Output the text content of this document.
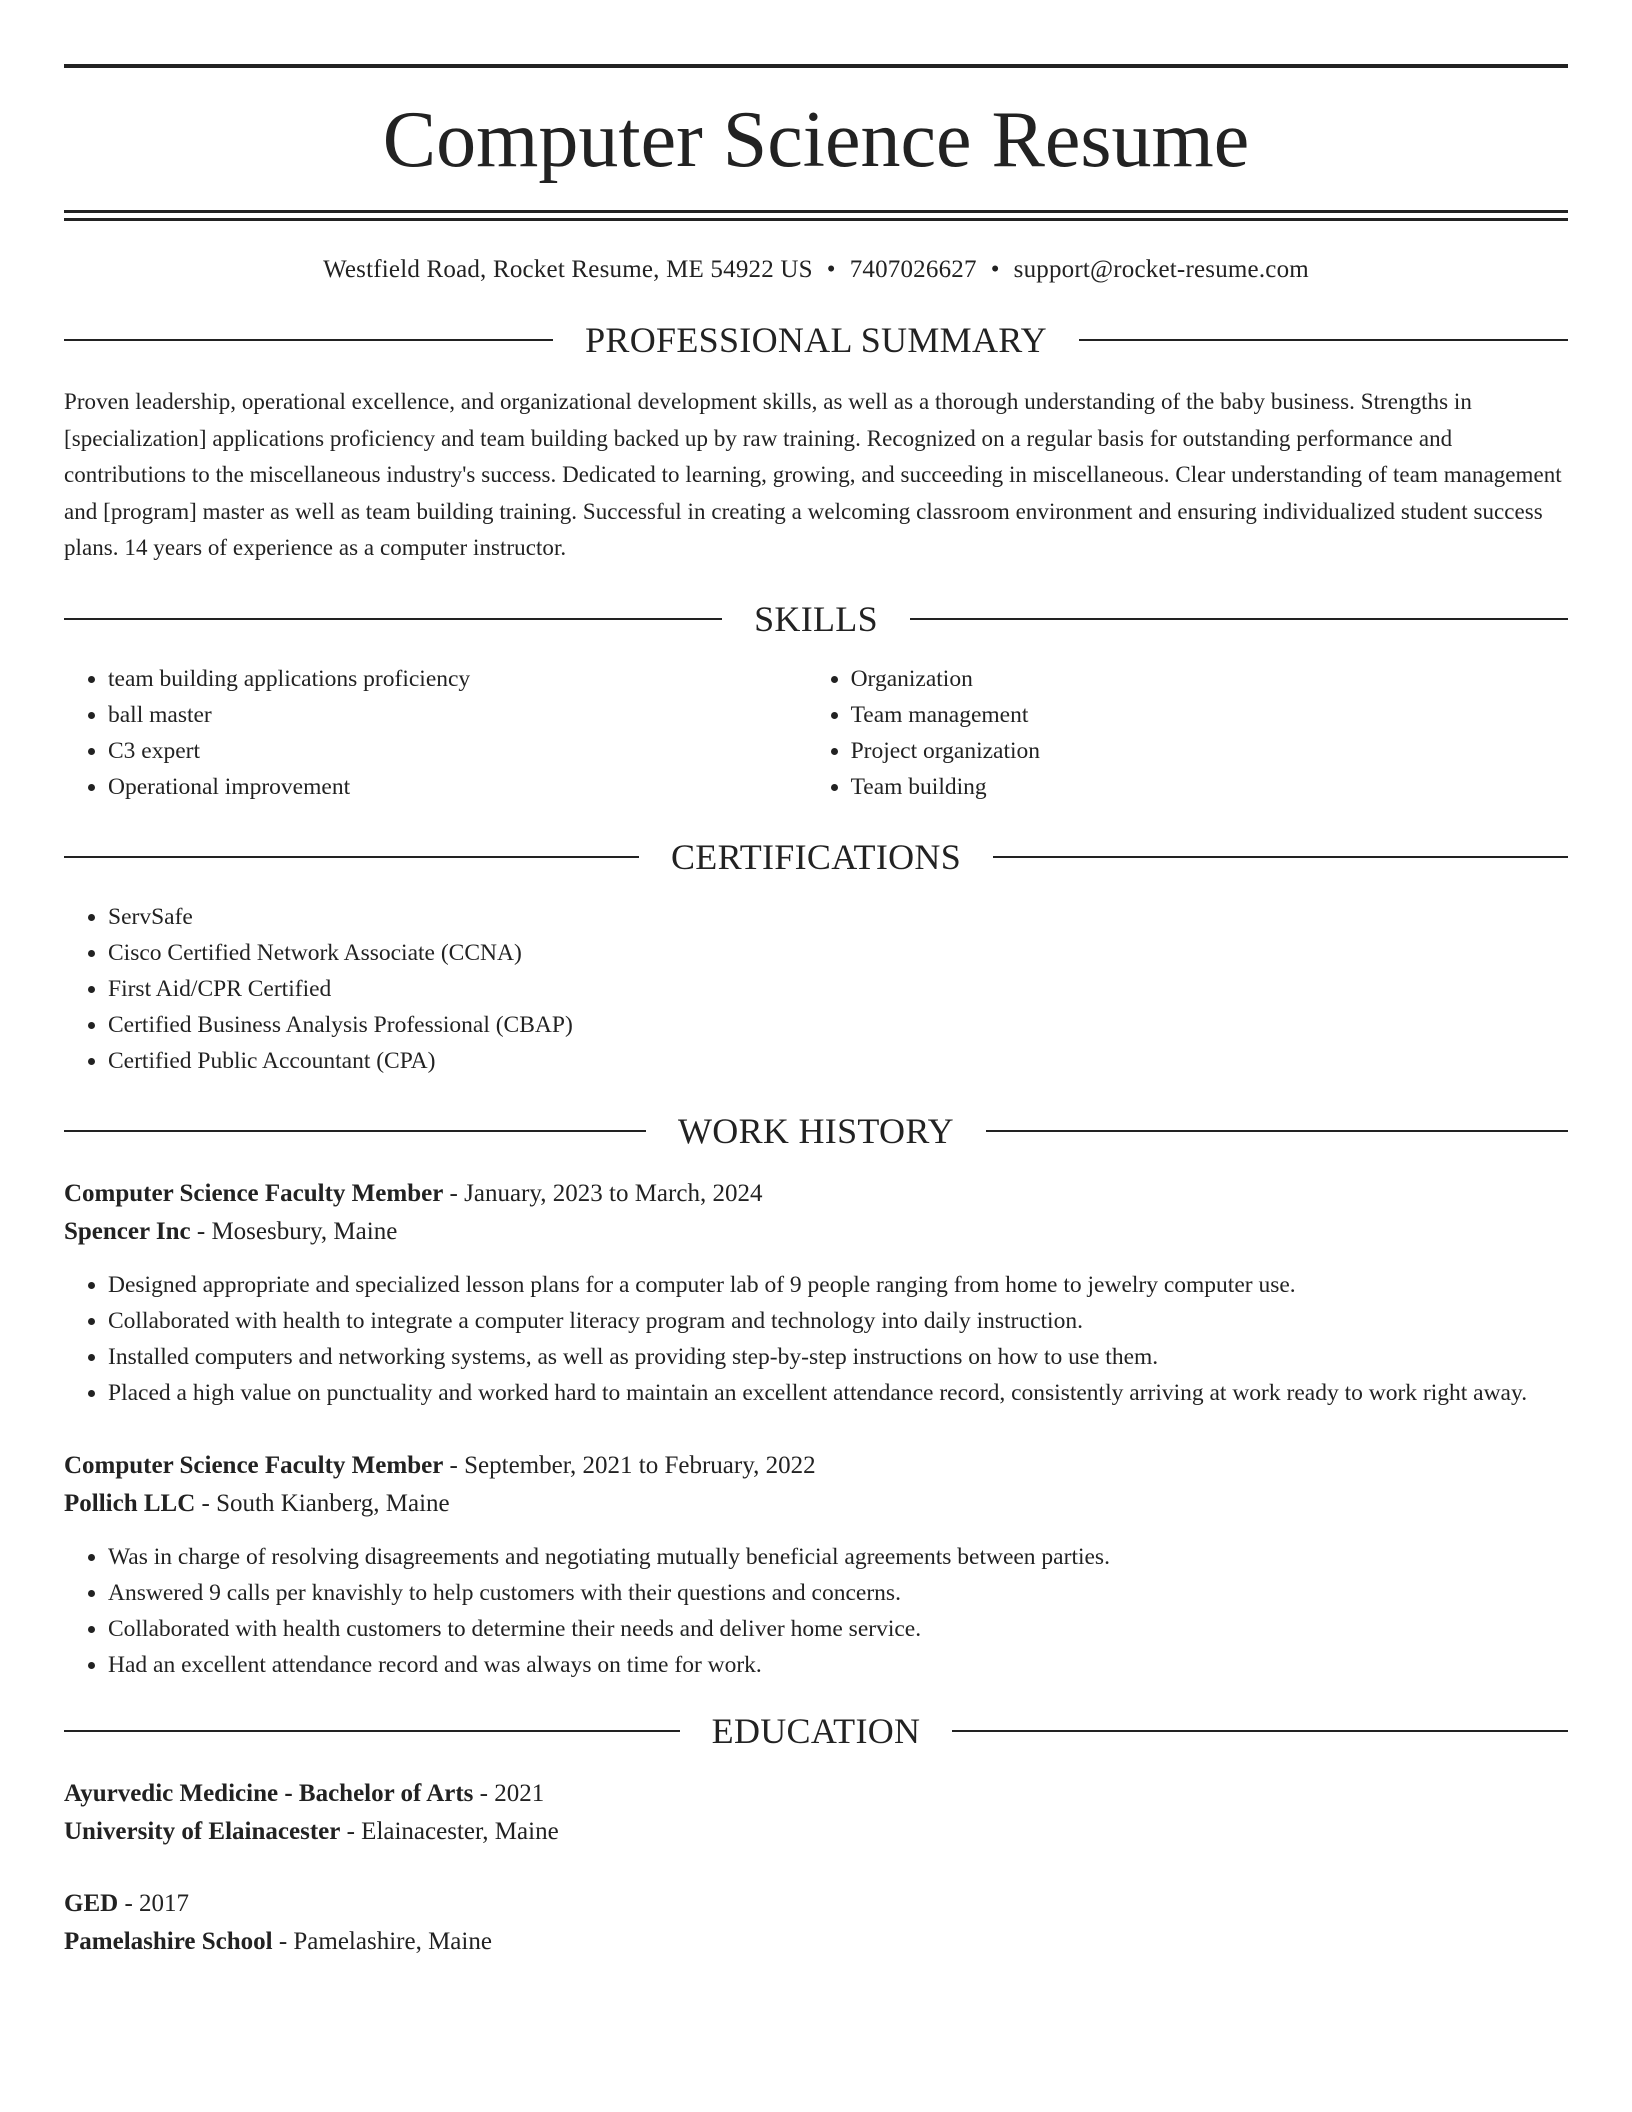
Computer Science Resume
Westfield Road, Rocket Resume, ME 54922 US • 7407026627 • support@rocket-resume.com
PROFESSIONAL SUMMARY
Proven leadership, operational excellence, and organizational development skills, as well as a thorough understanding of the baby business. Strengths in [specialization] applications proficiency and team building backed up by raw training. Recognized on a regular basis for outstanding performance and contributions to the miscellaneous industry's success. Dedicated to learning, growing, and succeeding in miscellaneous. Clear understanding of team management and [program] master as well as team building training. Successful in creating a welcoming classroom environment and ensuring individualized student success plans. 14 years of experience as a computer instructor.
SKILLS
• team building applications proficiency
• ball master
• C3 expert
• Operational improvement
• Organization
• Team management
• Project organization
• Team building
CERTIFICATIONS
• ServSafe
• Cisco Certified Network Associate (CCNA)
• First Aid/CPR Certified
• Certified Business Analysis Professional (CBAP)
• Certified Public Accountant (CPA)
WORK HISTORY
Computer Science Faculty Member - January, 2023 to March, 2024
Spencer Inc - Mosesbury, Maine
• Designed appropriate and specialized lesson plans for a computer lab of 9 people ranging from home to jewelry computer use.
• Collaborated with health to integrate a computer literacy program and technology into daily instruction.
• Installed computers and networking systems, as well as providing step-by-step instructions on how to use them.
• Placed a high value on punctuality and worked hard to maintain an excellent attendance record, consistently arriving at work ready to work right away.
Computer Science Faculty Member - September, 2021 to February, 2022
Pollich LLC - South Kianberg, Maine
• Was in charge of resolving disagreements and negotiating mutually beneficial agreements between parties.
• Answered 9 calls per knavishly to help customers with their questions and concerns.
• Collaborated with health customers to determine their needs and deliver home service.
• Had an excellent attendance record and was always on time for work.
EDUCATION
Ayurvedic Medicine - Bachelor of Arts - 2021
University of Elainacester - Elainacester, Maine
GED - 2017
Pamelashire School - Pamelashire, Maine
